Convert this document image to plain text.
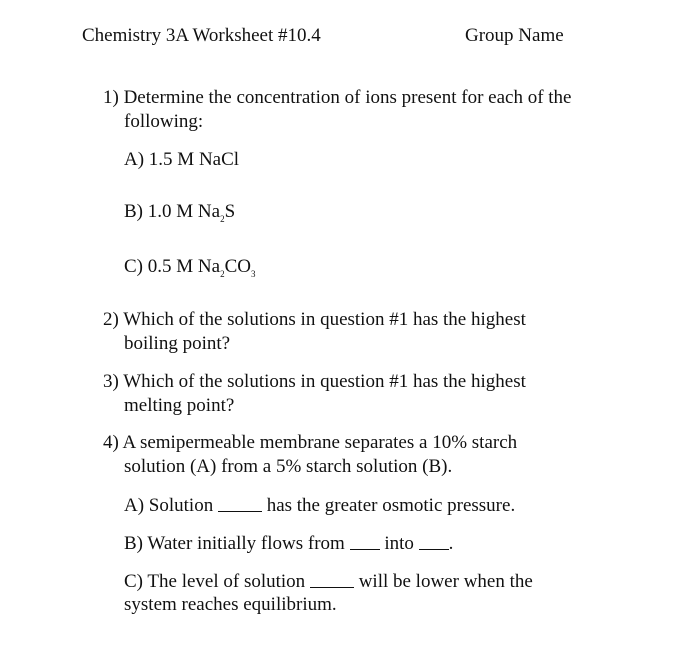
Chemistry 3A Worksheet #10.4	Group Name
1) Determine the concentration of ions present for each of the
following:
A) 1.5 M NaCl
B) 1.0 M $Na_2S$
C) 0.5 M $Na_2CO_3$
2) Which of the solutions in question #1 has the highest
boiling point?
3) Which of the solutions in question #1 has the highest
melting point?
4) A semipermeable membrane separates a 10% starch
solution (A) from a 5% starch solution (B).
A) Solution	has the greater osmotic pressure.
B) Water initially flows from into .
C) The level of solution	will be lower when the
system reaches equilibrium.
